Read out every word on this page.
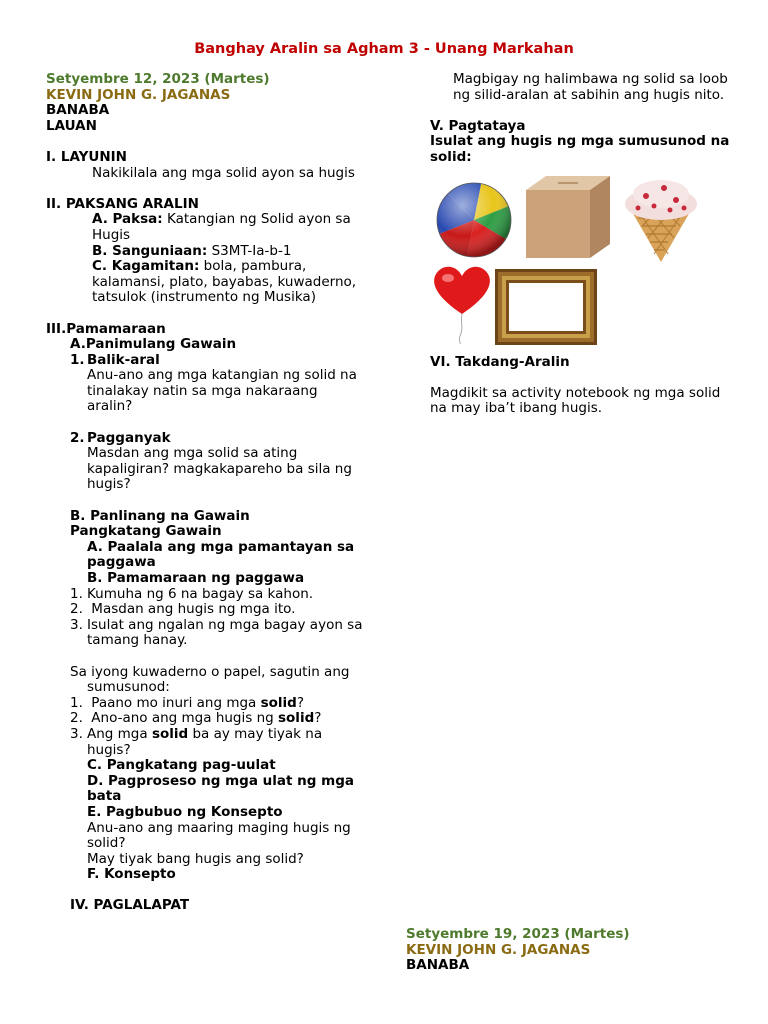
Banghay Aralin sa Agham 3 - Unang Markahan
Setyembre 12, 2023 (Martes)
KEVIN JOHN G. JAGANAS
BANABA
LAUAN
I. LAYUNIN
Nakikilala ang mga solid ayon sa hugis
II. PAKSANG ARALIN
A. Paksa: Katangian ng Solid ayon sa Hugis
B. Sanguniaan: S3MT-Ia-b-1
C. Kagamitan: bola, pambura, kalamansi, plato, bayabas, kuwaderno, tatsulok (instrumento ng Musika)
III.Pamamaraan
A.Panimulang Gawain
1. Balik-aral
Anu-ano ang mga katangian ng solid na tinalakay natin sa mga nakaraang aralin?
2. Pagganyak
Masdan ang mga solid sa ating kapaligiran? magkakapareho ba sila ng hugis?
B. Panlinang na Gawain
Pangkatang Gawain
A. Paalala ang mga pamantayan sa paggawa
B. Pamamaraan ng paggawa
1. Kumuha ng 6 na bagay sa kahon.
2. Masdan ang hugis ng mga ito.
3. Isulat ang ngalan ng mga bagay ayon sa tamang hanay.
Sa iyong kuwaderno o papel, sagutin ang sumusunod:
1. Paano mo inuri ang mga solid?
2. Ano-ano ang mga hugis ng solid?
3. Ang mga solid ba ay may tiyak na hugis?
C. Pangkatang pag-uulat
D. Pagproseso ng mga ulat ng mga bata
E. Pagbubuo ng Konsepto
Anu-ano ang maaring maging hugis ng solid?
May tiyak bang hugis ang solid?
F. Konsepto
IV. PAGLALAPAT
Magbigay ng halimbawa ng solid sa loob ng silid-aralan at sabihin ang hugis nito.
V. Pagtataya
Isulat ang hugis ng mga sumusunod na solid:
VI. Takdang-Aralin
Magdikit sa activity notebook ng mga solid na may iba’t ibang hugis.
Setyembre 19, 2023 (Martes)
KEVIN JOHN G. JAGANAS
BANABA
